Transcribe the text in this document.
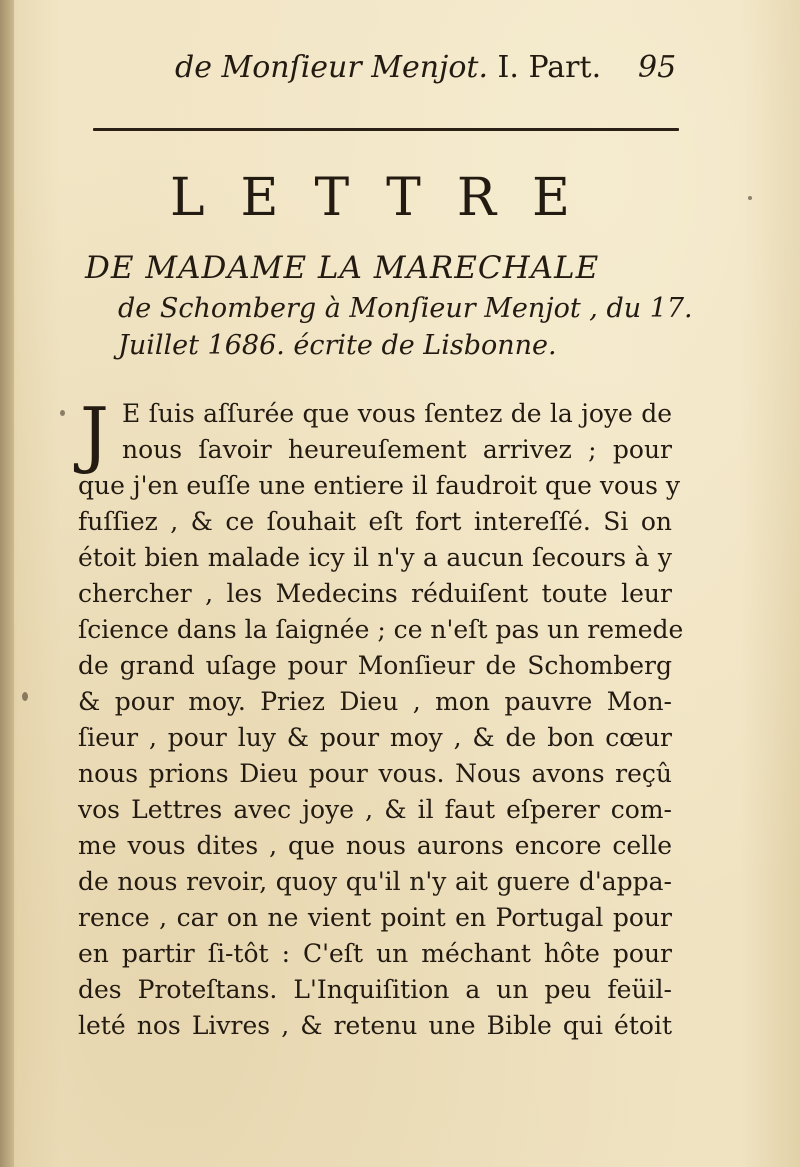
de Monſieur Menjot. I. Part. 95
LETTRE
DE MADAME LA MARECHALE
de Schomberg à Monſieur Menjot , du 17.
Juillet 1686. écrite de Lisbonne.
J E ſuis aſſurée que vous ſentez de la joye de
nous ſavoir heureuſement arrivez ; pour
que j'en euſſe une entiere il faudroit que vous y
fuſſiez , & ce ſouhait eſt fort intereſſé. Si on
étoit bien malade icy il n'y a aucun ſecours à y
chercher , les Medecins réduiſent toute leur
ſcience dans la ſaignée ; ce n'eſt pas un remede
de grand uſage pour Monſieur de Schomberg
& pour moy. Priez Dieu , mon pauvre Mon-
ſieur , pour luy & pour moy , & de bon cœur
nous prions Dieu pour vous. Nous avons reçû
vos Lettres avec joye , & il faut eſperer com-
me vous dites , que nous aurons encore celle
de nous revoir, quoy qu'il n'y ait guere d'appa-
rence , car on ne vient point en Portugal pour
en partir ſi-tôt : C'eſt un méchant hôte pour
des Proteſtans. L'Inquiſition a un peu feüil-
leté nos Livres , & retenu une Bible qui étoit
